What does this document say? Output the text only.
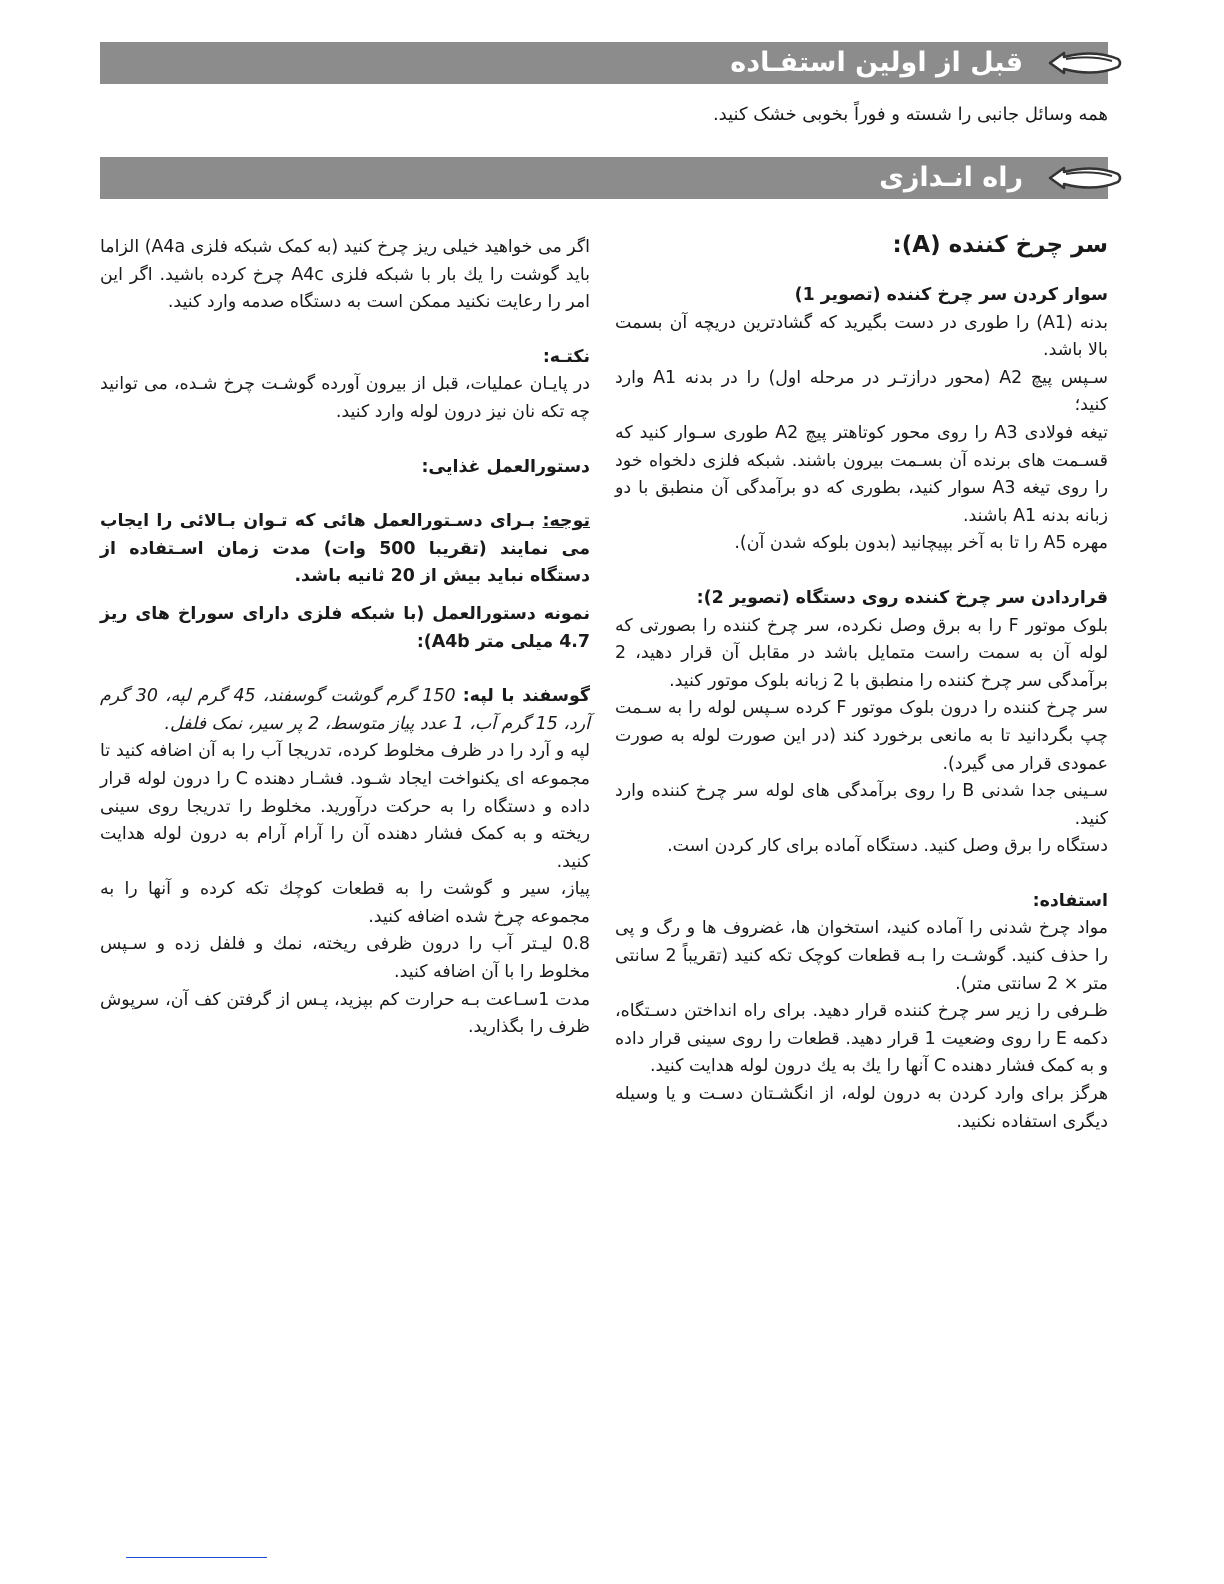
قبل از اولین استفـاده
همه وسائل جانبی را شسته و فوراً بخوبی خشک کنید.
راه انـدازی
سر چرخ کننده (A):

سوار کردن سر چرخ کننده (تصویر 1)

بدنه (A1) را طوری در دست بگیرید که گشادترین دریچه آن بسمت بالا باشد.

سـپس پیچ A2 (محور درازتـر در مرحله اول) را در بدنه A1 وارد کنید؛

تیغه فولادی A3 را روی محور کوتاهتر پیچ A2 طوری سـوار کنید که قسـمت های برنده آن بسـمت بیرون باشند. شبکه فلزی دلخواه خود را روی تیغه A3 سوار کنید، بطوری که دو برآمدگی آن منطبق با دو زبانه بدنه A1 باشند.

مهره A5 را تا به آخر بپیچانید (بدون بلوکه شدن آن).

قراردادن سر چرخ کننده روی دستگاه (تصویر 2):

بلوک موتور F را به برق وصل نکرده، سر چرخ کننده را بصورتی که لوله آن به سمت راست متمایل باشد در مقابل آن قرار دهید، 2 برآمدگی سر چرخ کننده را منطبق با 2 زبانه بلوک موتور کنید.

سر چرخ کننده را درون بلوک موتور F کرده سـپس لوله را به سـمت چپ بگردانید تا به مانعی برخورد کند (در این صورت لوله به صورت عمودی قرار می گیرد).

سـینی جدا شدنی B را روی برآمدگی های لوله سر چرخ کننده وارد کنید.

دستگاه را برق وصل کنید. دستگاه آماده برای کار کردن است.

استفاده:

مواد چرخ شدنی را آماده کنید، استخوان ها، غضروف ها و رگ و پی را حذف کنید. گوشـت را بـه قطعات کوچک تکه کنید (تقریباً 2 سانتی متر × 2 سانتی متر).

ظـرفی را زیر سر چرخ کننده قرار دهید. برای راه انداختن دسـتگاه، دکمه E را روی وضعیت 1 قرار دهید. قطعات را روی سینی قرار داده و به کمک فشار دهنده C آنها را یك به یك درون لوله هدایت کنید.

هرگز برای وارد کردن به درون لوله، از انگشـتان دسـت و یا وسیله دیگری استفاده نکنید.

اگر می خواهید خیلی ریز چرخ کنید (به کمک شبکه فلزی A4a) الزاما باید گوشت را یك بار با شبکه فلزی A4c چرخ کرده باشید. اگر این امر را رعایت نکنید ممکن است به دستگاه صدمه وارد کنید.

نکتـه:

در پایـان عملیات، قبل از بیرون آورده گوشـت چرخ شـده، می توانید چه تکه نان نیز درون لوله وارد کنید.

دستورالعمل غذایی:

توجه: بـرای دسـتورالعمل هائی که تـوان بـالائی را ایجاب می نمایند (تقریبا 500 وات) مدت زمان اسـتفاده از دستگاه نباید بیش از 20 ثانیه باشد.

نمونه دستورالعمل (با شبکه فلزی دارای سوراخ های ریز 4.7 میلی متر A4b):

گوسفند با لپه: 150 گرم گوشت گوسفند، 45 گرم لپه، 30 گرم آرد، 15 گرم آب، 1 عدد پیاز متوسط، 2 پر سیر، نمک فلفل.

لپه و آرد را در ظرف مخلوط کرده، تدریجا آب را به آن اضافه کنید تا مجموعه ای یکنواخت ایجاد شـود. فشـار دهنده C را درون لوله قرار داده و دستگاه را به حرکت درآورید. مخلوط را تدریجا روی سینی ریخته و به کمک فشار دهنده آن را آرام آرام به درون لوله هدایت کنید.

پیاز، سیر و گوشت را به قطعات کوچك تکه کرده و آنها را به مجموعه چرخ شده اضافه کنید.

0.8 لیـتر آب را درون ظرفی ریخته، نمك و فلفل زده و سـپس مخلوط را با آن اضافه کنید.

مدت 1سـاعت بـه حرارت کم بپزید، پـس از گرفتن کف آن، سرپوش ظرف را بگذارید.
